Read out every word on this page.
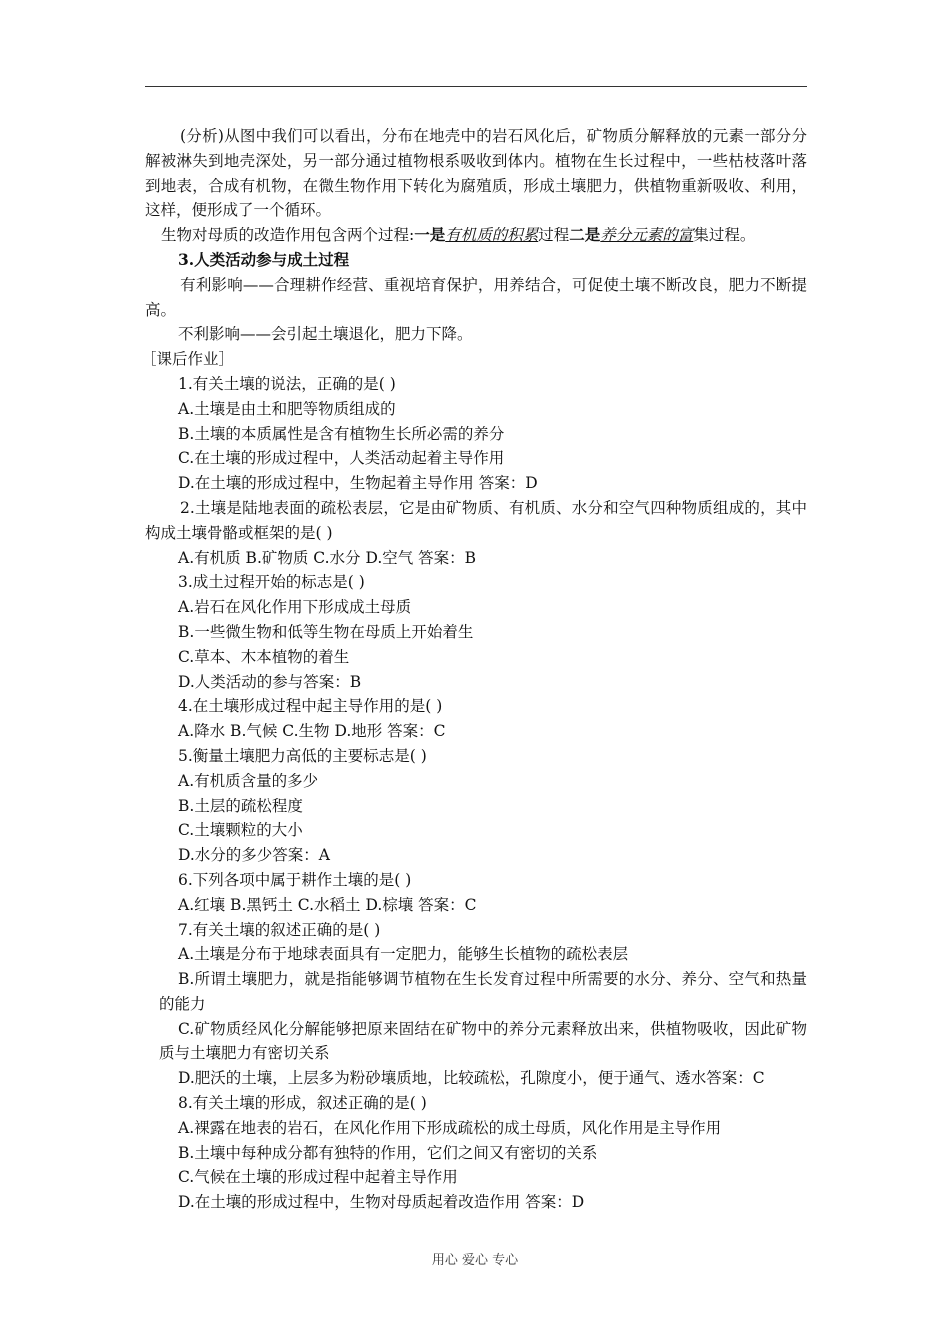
(分析)从图中我们可以看出，分布在地壳中的岩石风化后，矿物质分解释放的元素一部分分解被淋失到地壳深处，另一部分通过植物根系吸收到体内。植物在生长过程中，一些枯枝落叶落到地表，合成有机物，在微生物作用下转化为腐殖质，形成土壤肥力，供植物重新吸收、利用，这样，便形成了一个循环。
生物对母质的改造作用包含两个过程:一是有机质的积累过程二是养分元素的富集过程。
3.人类活动参与成土过程
有利影响——合理耕作经营、重视培育保护，用养结合，可促使土壤不断改良，肥力不断提高。
不利影响——会引起土壤退化，肥力下降。
［课后作业］
1.有关土壤的说法，正确的是( )
A.土壤是由土和肥等物质组成的
B.土壤的本质属性是含有植物生长所必需的养分
C.在土壤的形成过程中，人类活动起着主导作用
D.在土壤的形成过程中，生物起着主导作用 答案：D
2.土壤是陆地表面的疏松表层，它是由矿物质、有机质、水分和空气四种物质组成的，其中构成土壤骨骼或框架的是( )
A.有机质 B.矿物质 C.水分 D.空气 答案：B
3.成土过程开始的标志是( )
A.岩石在风化作用下形成成土母质
B.一些微生物和低等生物在母质上开始着生
C.草本、木本植物的着生
D.人类活动的参与答案：B
4.在土壤形成过程中起主导作用的是( )
A.降水 B.气候 C.生物 D.地形 答案：C
5.衡量土壤肥力高低的主要标志是( )
A.有机质含量的多少
B.土层的疏松程度
C.土壤颗粒的大小
D.水分的多少答案：A
6.下列各项中属于耕作土壤的是( )
A.红壤 B.黑钙土 C.水稻土 D.棕壤 答案：C
7.有关土壤的叙述正确的是( )
A.土壤是分布于地球表面具有一定肥力，能够生长植物的疏松表层
B.所谓土壤肥力，就是指能够调节植物在生长发育过程中所需要的水分、养分、空气和热量的能力
C.矿物质经风化分解能够把原来固结在矿物中的养分元素释放出来，供植物吸收，因此矿物质与土壤肥力有密切关系
D.肥沃的土壤，上层多为粉砂壤质地，比较疏松，孔隙度小，便于通气、透水答案：C
8.有关土壤的形成，叙述正确的是( )
A.裸露在地表的岩石，在风化作用下形成疏松的成土母质，风化作用是主导作用
B.土壤中每种成分都有独特的作用，它们之间又有密切的关系
C.气候在土壤的形成过程中起着主导作用
D.在土壤的形成过程中，生物对母质起着改造作用 答案：D
用心 爱心 专心
